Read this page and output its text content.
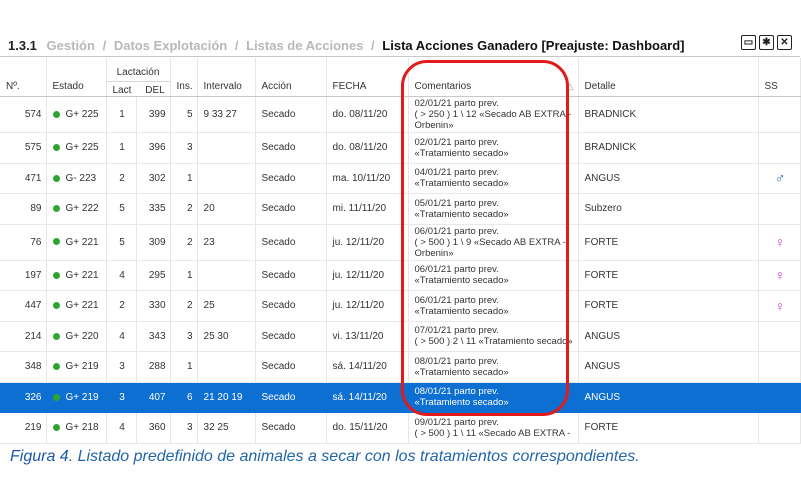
1.3.1 Gestión / Datos Explotación / Listas de Acciones / Lista Acciones Ganadero [Preajuste: Dashboard]	▭ ✱ ✕
Nº.	Estado	Lactación
Lact DEL		Ins.	Intervalo	Acción	FECHA	Comentarios △	Detalle	SS
574	G+ 225	1	399	5	9 33 27	Secado	do. 08/11/20	02/01/21 parto prev.
( > 250 ) 1 \ 12 «Secado AB EXTRA - Orbenin»	BRADNICK	
575	G+ 225	1	396	3		Secado	do. 08/11/20	02/01/21 parto prev.
«Tratamiento secado»	BRADNICK	
471	G- 223	2	302	1		Secado	ma. 10/11/20	04/01/21 parto prev.
«Tratamiento secado»	ANGUS	♂
89	G+ 222	5	335	2	20	Secado	mi. 11/11/20	05/01/21 parto prev.
«Tratamiento secado»	Subzero	
76	G+ 221	5	309	2	23	Secado	ju. 12/11/20	06/01/21 parto prev.
( > 500 ) 1 \ 9 «Secado AB EXTRA - Orbenin»	FORTE	♀
197	G+ 221	4	295	1		Secado	ju. 12/11/20	06/01/21 parto prev.
«Tratamiento secado»	FORTE	♀
447	G+ 221	2	330	2	25	Secado	ju. 12/11/20	06/01/21 parto prev.
«Tratamiento secado»	FORTE	♀
214	G+ 220	4	343	3	25 30	Secado	vi. 13/11/20	07/01/21 parto prev.
( > 500 ) 2 \ 11 «Tratamiento secado»	ANGUS	
348	G+ 219	3	288	1		Secado	sá. 14/11/20	08/01/21 parto prev.
«Tratamiento secado»	ANGUS	
326	G+ 219	3	407	6	21 20 19	Secado	sá. 14/11/20	08/01/21 parto prev.
«Tratamiento secado»	ANGUS	
219	G+ 218	4	360	3	32 25	Secado	do. 15/11/20	09/01/21 parto prev.
( > 500 ) 1 \ 11 «Secado AB EXTRA -	FORTE	
Figura 4. Listado predefinido de animales a secar con los tratamientos correspondientes.
